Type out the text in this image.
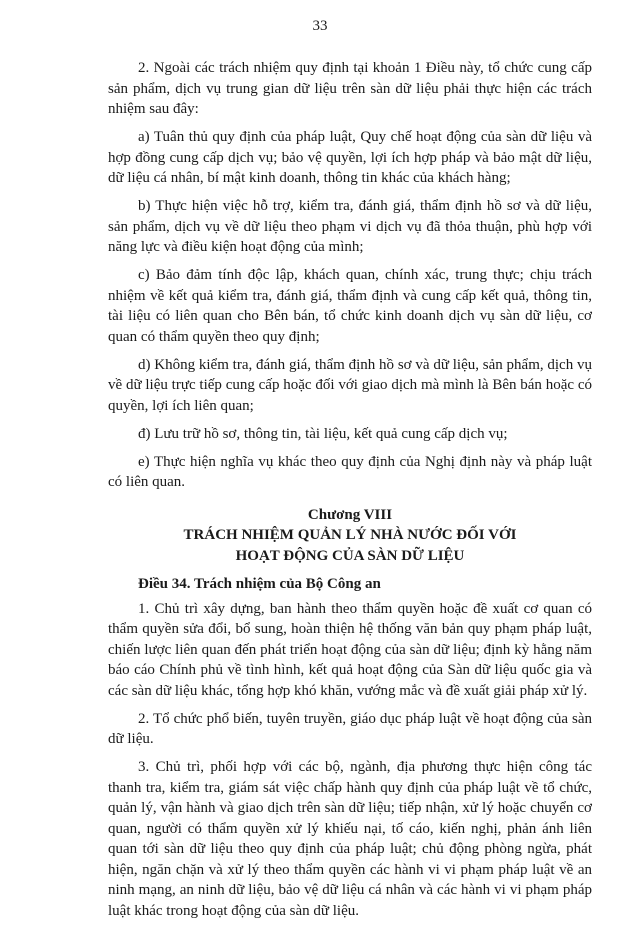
33

2. Ngoài các trách nhiệm quy định tại khoản 1 Điều này, tổ chức cung cấp sản phẩm, dịch vụ trung gian dữ liệu trên sàn dữ liệu phải thực hiện các trách nhiệm sau đây:

a) Tuân thủ quy định của pháp luật, Quy chế hoạt động của sàn dữ liệu và hợp đồng cung cấp dịch vụ; bảo vệ quyền, lợi ích hợp pháp và bảo mật dữ liệu, dữ liệu cá nhân, bí mật kinh doanh, thông tin khác của khách hàng;

b) Thực hiện việc hỗ trợ, kiểm tra, đánh giá, thẩm định hồ sơ và dữ liệu, sản phẩm, dịch vụ về dữ liệu theo phạm vi dịch vụ đã thỏa thuận, phù hợp với năng lực và điều kiện hoạt động của mình;

c) Bảo đảm tính độc lập, khách quan, chính xác, trung thực; chịu trách nhiệm về kết quả kiểm tra, đánh giá, thẩm định và cung cấp kết quả, thông tin, tài liệu có liên quan cho Bên bán, tổ chức kinh doanh dịch vụ sàn dữ liệu, cơ quan có thẩm quyền theo quy định;

d) Không kiểm tra, đánh giá, thẩm định hồ sơ và dữ liệu, sản phẩm, dịch vụ về dữ liệu trực tiếp cung cấp hoặc đối với giao dịch mà mình là Bên bán hoặc có quyền, lợi ích liên quan;

đ) Lưu trữ hồ sơ, thông tin, tài liệu, kết quả cung cấp dịch vụ;

e) Thực hiện nghĩa vụ khác theo quy định của Nghị định này và pháp luật có liên quan.

Chương VIII
TRÁCH NHIỆM QUẢN LÝ NHÀ NƯỚC ĐỐI VỚI
HOẠT ĐỘNG CỦA SÀN DỮ LIỆU
Điều 34. Trách nhiệm của Bộ Công an

1. Chủ trì xây dựng, ban hành theo thẩm quyền hoặc đề xuất cơ quan có thẩm quyền sửa đổi, bổ sung, hoàn thiện hệ thống văn bản quy phạm pháp luật, chiến lược liên quan đến phát triển hoạt động của sàn dữ liệu; định kỳ hằng năm báo cáo Chính phủ về tình hình, kết quả hoạt động của Sàn dữ liệu quốc gia và các sàn dữ liệu khác, tổng hợp khó khăn, vướng mắc và đề xuất giải pháp xử lý.

2. Tổ chức phổ biến, tuyên truyền, giáo dục pháp luật về hoạt động của sàn dữ liệu.

3. Chủ trì, phối hợp với các bộ, ngành, địa phương thực hiện công tác thanh tra, kiểm tra, giám sát việc chấp hành quy định của pháp luật về tổ chức, quản lý, vận hành và giao dịch trên sàn dữ liệu; tiếp nhận, xử lý hoặc chuyển cơ quan, người có thẩm quyền xử lý khiếu nại, tố cáo, kiến nghị, phản ánh liên quan tới sàn dữ liệu theo quy định của pháp luật; chủ động phòng ngừa, phát hiện, ngăn chặn và xử lý theo thẩm quyền các hành vi vi phạm pháp luật về an ninh mạng, an ninh dữ liệu, bảo vệ dữ liệu cá nhân và các hành vi vi phạm pháp luật khác trong hoạt động của sàn dữ liệu.
